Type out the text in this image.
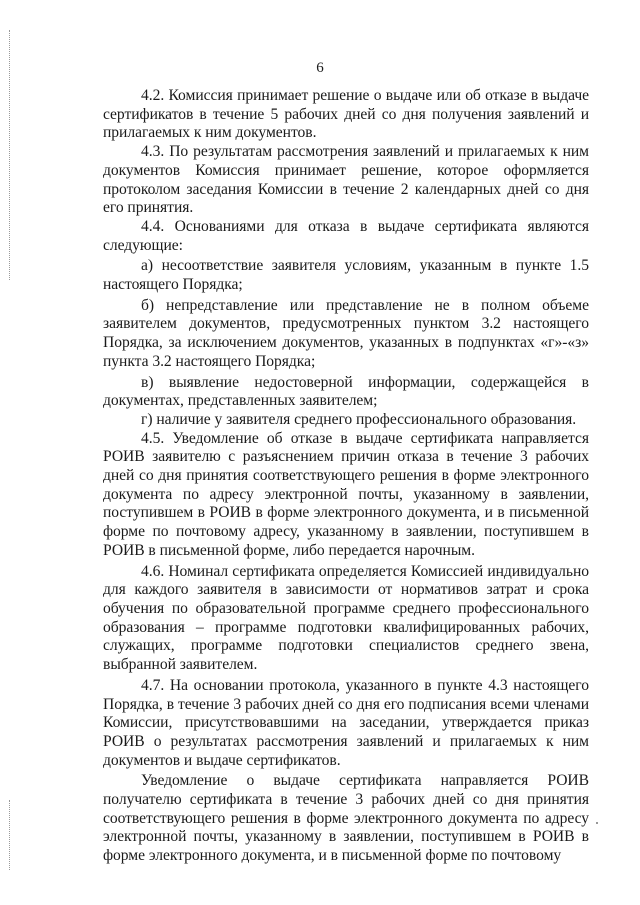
6

4.2. Комиссия принимает решение о выдаче или об отказе в выдаче сертификатов в течение 5 рабочих дней со дня получения заявлений и прилагаемых к ним документов.

4.3. По результатам рассмотрения заявлений и прилагаемых к ним документов Комиссия принимает решение, которое оформляется протоколом заседания Комиссии в течение 2 календарных дней со дня его принятия.

4.4. Основаниями для отказа в выдаче сертификата являются следующие:

а) несоответствие заявителя условиям, указанным в пункте 1.5 настоящего Порядка;

б) непредставление или представление не в полном объеме заявителем документов, предусмотренных пунктом 3.2 настоящего Порядка, за исключением документов, указанных в подпунктах «г»-«з» пункта 3.2 настоящего Порядка;

в) выявление недостоверной информации, содержащейся в документах, представленных заявителем;

г) наличие у заявителя среднего профессионального образования.

4.5. Уведомление об отказе в выдаче сертификата направляется РОИВ заявителю с разъяснением причин отказа в течение 3 рабочих дней со дня принятия соответствующего решения в форме электронного документа по адресу электронной почты, указанному в заявлении, поступившем в РОИВ в форме электронного документа, и в письменной форме по почтовому адресу, указанному в заявлении, поступившем в РОИВ в письменной форме, либо передается нарочным.

4.6. Номинал сертификата определяется Комиссией индивидуально для каждого заявителя в зависимости от нормативов затрат и срока обучения по образовательной программе среднего профессионального образования – программе подготовки квалифицированных рабочих, служащих, программе подготовки специалистов среднего звена, выбранной заявителем.

4.7. На основании протокола, указанного в пункте 4.3 настоящего Порядка, в течение 3 рабочих дней со дня его подписания всеми членами Комиссии, присутствовавшими на заседании, утверждается приказ РОИВ о результатах рассмотрения заявлений и прилагаемых к ним документов и выдаче сертификатов.

Уведомление о выдаче сертификата направляется РОИВ получателю сертификата в течение 3 рабочих дней со дня принятия соответствующего решения в форме электронного документа по адресу электронной почты, указанному в заявлении, поступившем в РОИВ в форме электронного документа, и в письменной форме по почтовому
